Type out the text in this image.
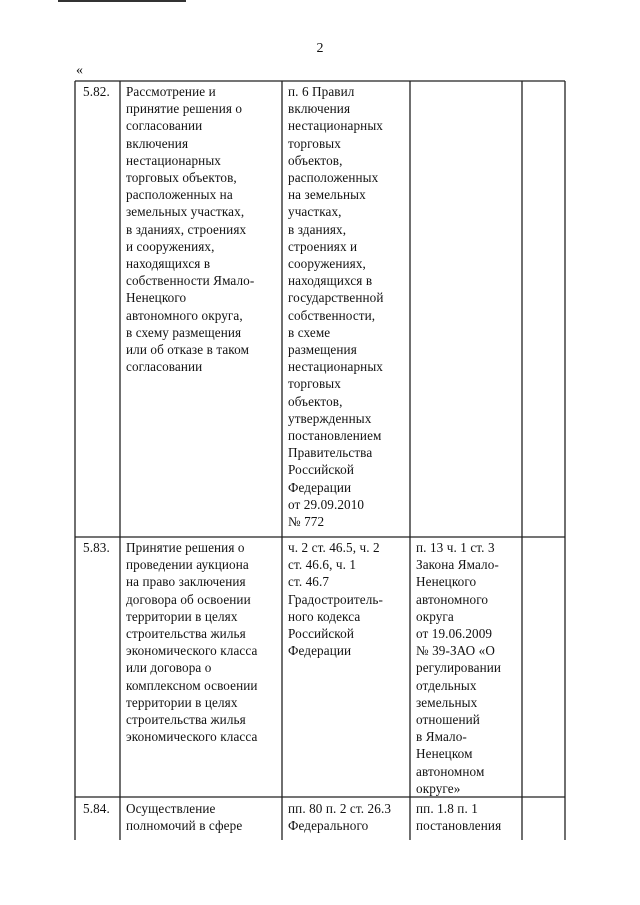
2
«
5.82. Рассмотрение и
принятие решения о
согласовании
включения
нестационарных
торговых объектов,
расположенных на
земельных участках,
в зданиях, строениях
и сооружениях,
находящихся в
собственности Ямало-
Ненецкого
автономного округа,
в схему размещения
или об отказе в таком
согласовании
п. 6 Правил
включения
нестационарных
торговых
объектов,
расположенных
на земельных
участках,
в зданиях,
строениях и
сооружениях,
находящихся в
государственной
собственности,
в схеме
размещения
нестационарных
торговых
объектов,
утвержденных
постановлением
Правительства
Российской
Федерации
от 29.09.2010
№ 772
5.83. Принятие решения о
проведении аукциона
на право заключения
договора об освоении
территории в целях
строительства жилья
экономического класса
или договора о
комплексном освоении
территории в целях
строительства жилья
экономического класса
ч. 2 ст. 46.5, ч. 2
ст. 46.6, ч. 1
ст. 46.7
Градостроитель-
ного кодекса
Российской
Федерации
п. 13 ч. 1 ст. 3
Закона Ямало-
Ненецкого
автономного
округа
от 19.06.2009
№ 39-ЗАО «О
регулировании
отдельных
земельных
отношений
в Ямало-
Ненецком
автономном
округе»
5.84. Осуществление
полномочий в сфере
пп. 80 п. 2 ст. 26.3
Федерального
пп. 1.8 п. 1
постановления
